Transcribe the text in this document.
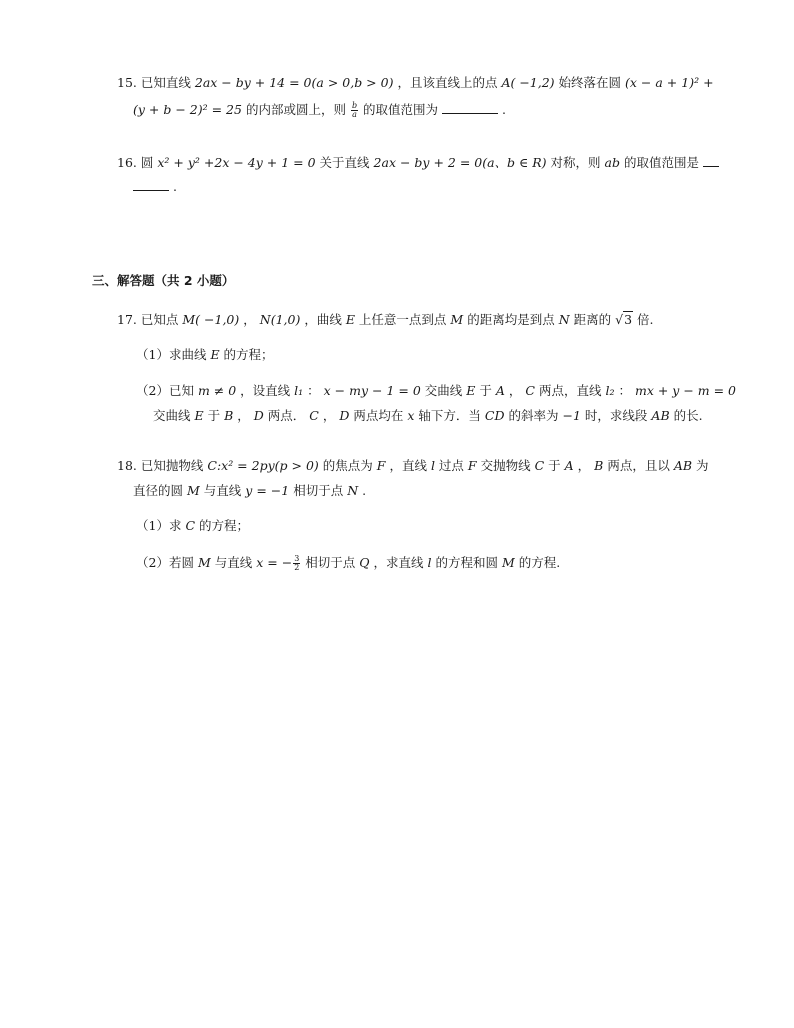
15. 已知直线 2ax − by + 14 = 0(a > 0,b > 0) ，且该直线上的点 A( −1,2) 始终落在圆 (x − a + 1)² +
(y + b − 2)² = 25 的内部或圆上，则 $\frac{b}{a}$ 的取值范围为	.
16. 圆 x² + y² +2x − 4y + 1 = 0 关于直线 2ax − by + 2 = 0(a、b ∈ R) 对称，则 ab 的取值范围是
.
三、解答题（共 2 小题）
17. 已知点 M( −1,0) ， N(1,0) ，曲线 E 上任意一点到点 M 的距离均是到点 N 距离的 √3 倍.
（1）求曲线 E 的方程；
（2）已知 m ≠ 0 ，设直线 l₁ ： x − my − 1 = 0 交曲线 E 于 A ， C 两点，直线 l₂ ： mx + y − m = 0
交曲线 E 于 B ， D 两点． C ， D 两点均在 x 轴下方．当 CD 的斜率为 −1 时，求线段 AB 的长.
18. 已知抛物线 C:x² = 2py(p > 0) 的焦点为 F ，直线 l 过点 F 交抛物线 C 于 A ， B 两点，且以 AB 为
直径的圆 M 与直线 y = −1 相切于点 N .
（1）求 C 的方程；
（2）若圆 M 与直线 x = − $\frac{3}{2}$ 相切于点 Q ，求直线 l 的方程和圆 M 的方程.
